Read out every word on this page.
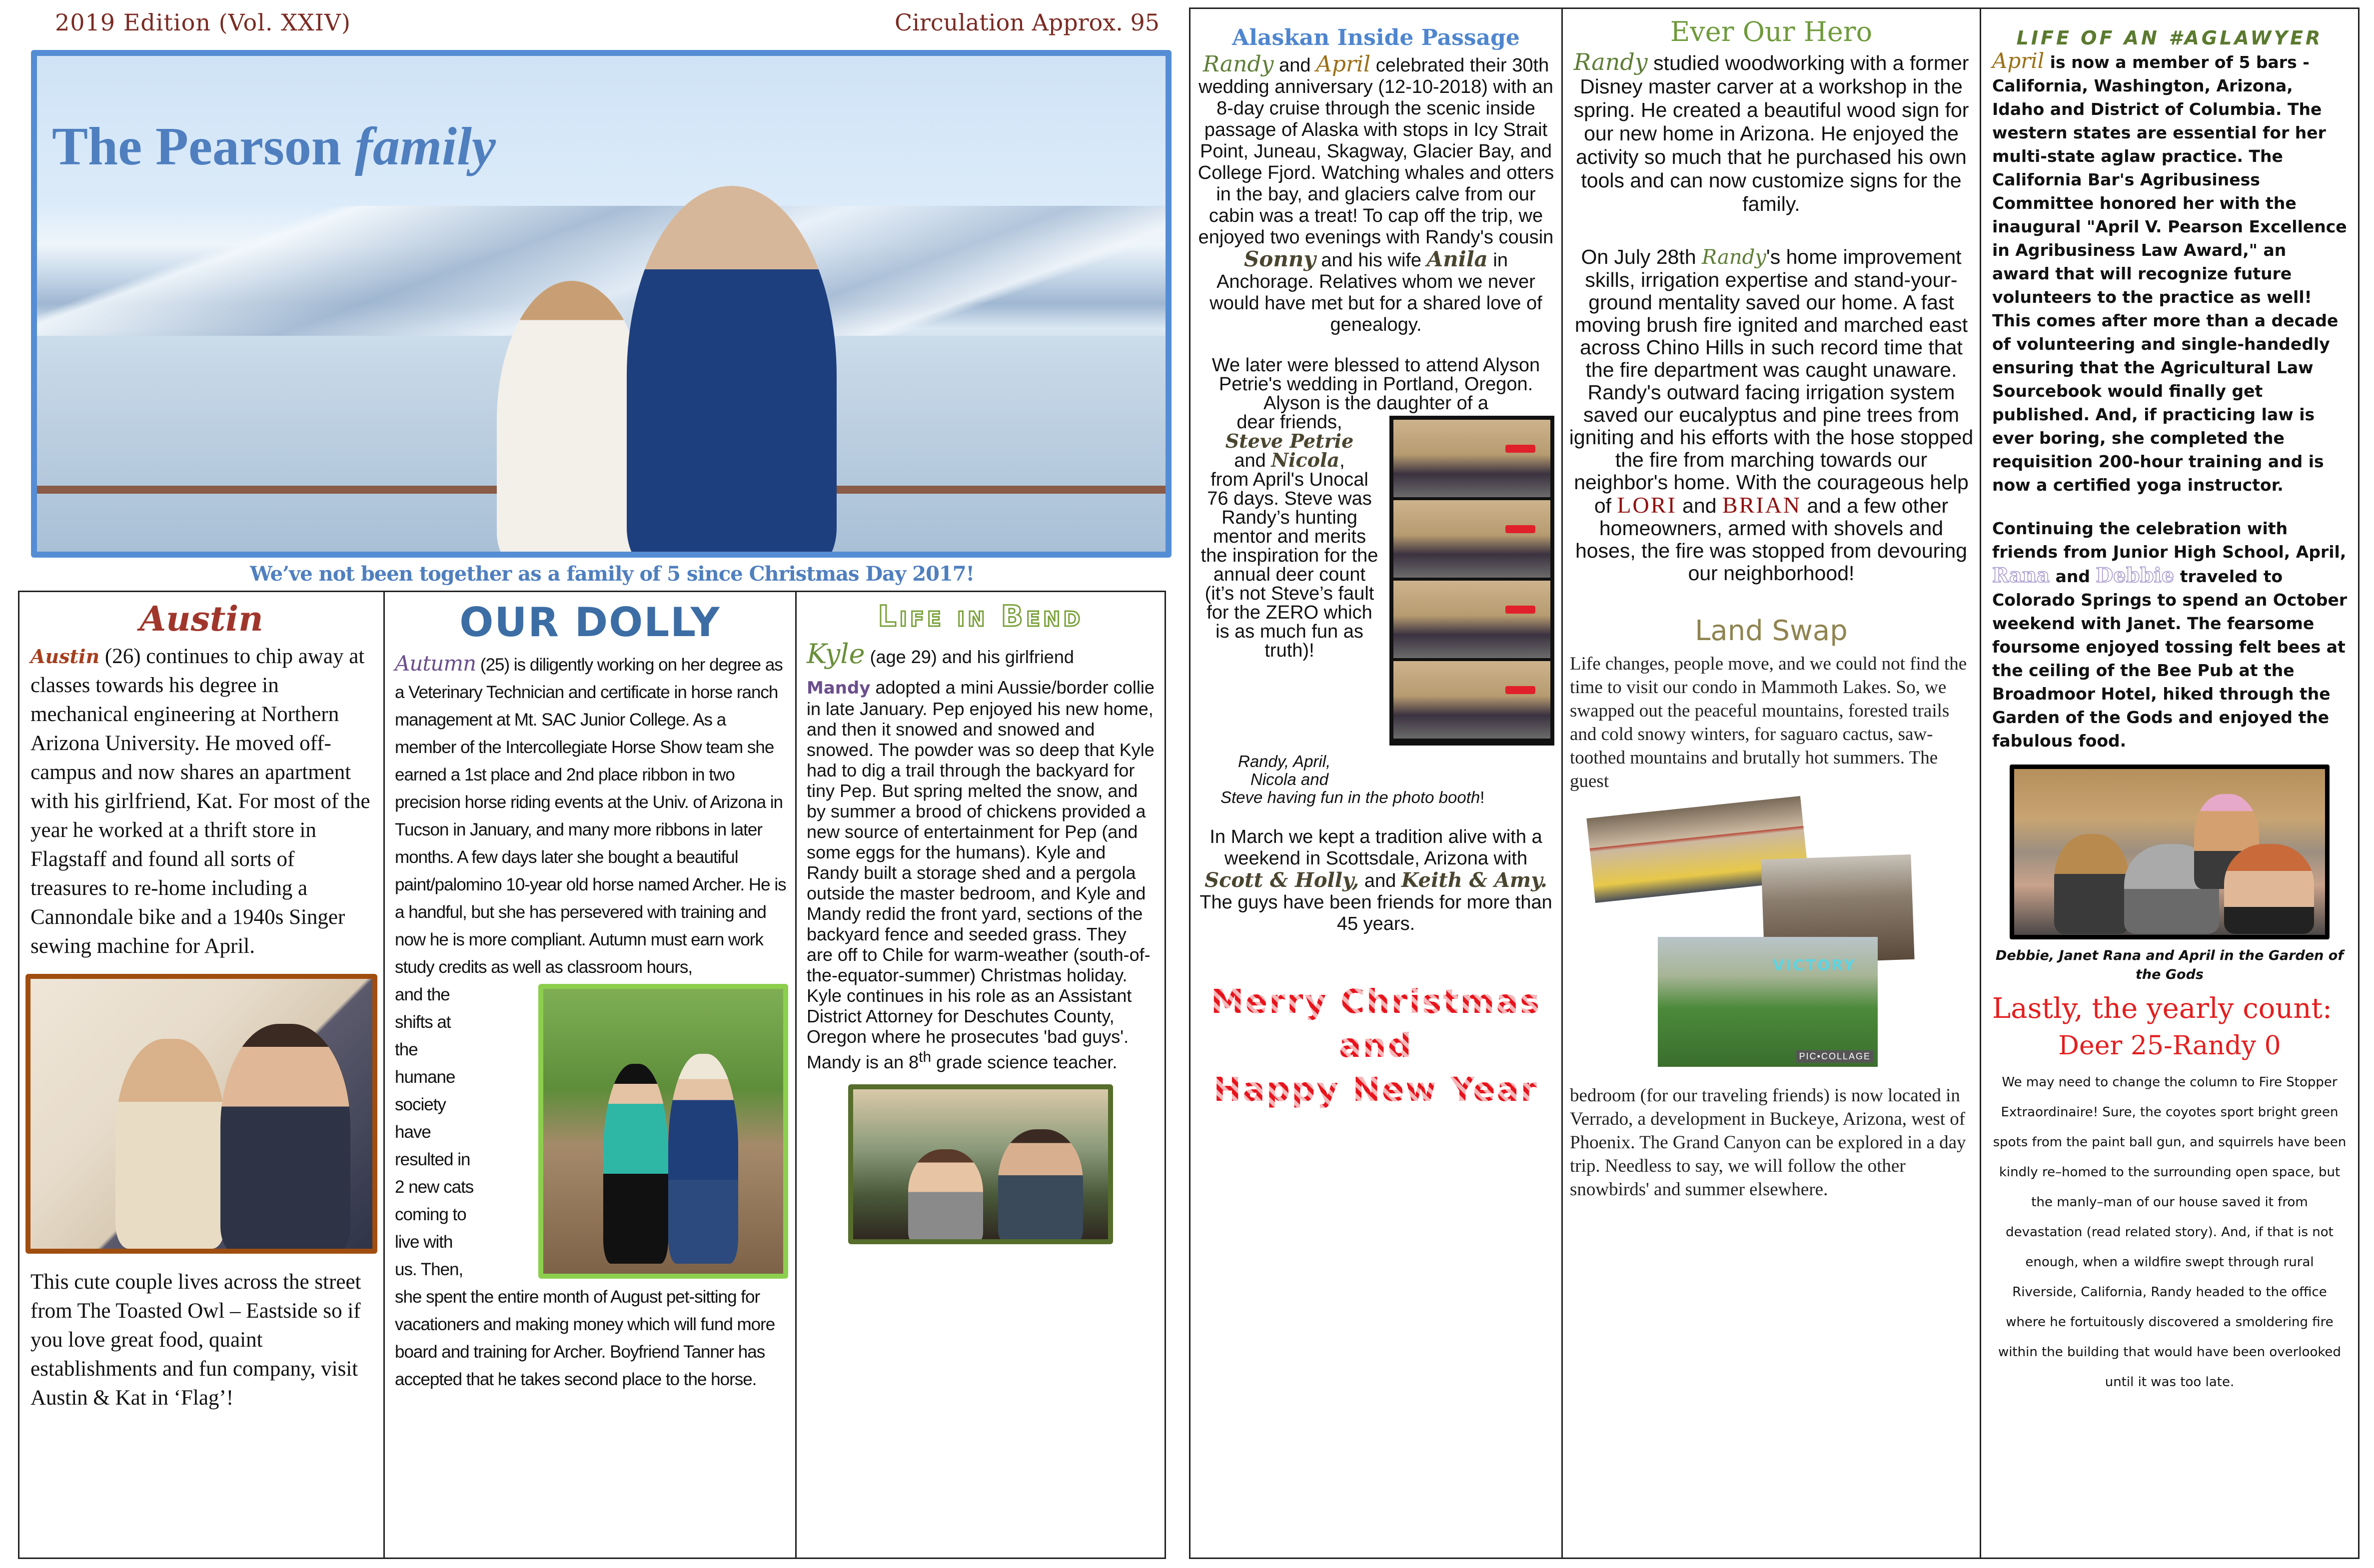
2019 Edition (Vol. XXIV)	Circulation Approx. 95
The Pearson family
We’ve not been together as a family of 5 since Christmas Day 2017!
Austin
Austin (26) continues to chip away at classes towards his degree in mechanical engineering at Northern Arizona University. He moved off-campus and now shares an apartment with his girlfriend, Kat. For most of the year he worked at a thrift store in Flagstaff and found all sorts of treasures to re-home including a Cannondale bike and a 1940s Singer sewing machine for April.
This cute couple lives across the street from The Toasted Owl – Eastside so if you love great food, quaint establishments and fun company, visit Austin & Kat in ‘Flag’!
OUR DOLLY
Autumn (25) is diligently working on her degree as a Veterinary Technician and certificate in horse ranch management at Mt. SAC Junior College. As a member of the Intercollegiate Horse Show team she earned a 1st place and 2nd place ribbon in two precision horse riding events at the Univ. of Arizona in Tucson in January, and many more ribbons in later months. A few days later she bought a beautiful paint/palomino 10-year old horse named Archer. He is a handful, but she has persevered with training and now he is more compliant. Autumn must earn work study credits as well as classroom hours,
and the
shifts at
the
humane
society
have
resulted in
2 new cats
coming to
live with
us. Then,
she spent the entire month of August pet-sitting for vacationers and making money which will fund more board and training for Archer. Boyfriend Tanner has accepted that he takes second place to the horse.
Life in Bend
Kyle (age 29) and his girlfriend
Mandy adopted a mini Aussie/border collie in late January. Pep enjoyed his new home, and then it snowed and snowed and snowed. The powder was so deep that Kyle had to dig a trail through the backyard for tiny Pep. But spring melted the snow, and by summer a brood of chickens provided a new source of entertainment for Pep (and some eggs for the humans). Kyle and Randy built a storage shed and a pergola outside the master bedroom, and Kyle and Mandy redid the front yard, sections of the backyard fence and seeded grass. They are off to Chile for warm-weather (south-of-the-equator-summer) Christmas holiday. Kyle continues in his role as an Assistant District Attorney for Deschutes County, Oregon where he prosecutes 'bad guys'. Mandy is an 8th grade science teacher.
Alaskan Inside Passage
Randy and April celebrated their 30th wedding anniversary (12-10-2018) with an 8-day cruise through the scenic inside passage of Alaska with stops in Icy Strait Point, Juneau, Skagway, Glacier Bay, and College Fjord. Watching whales and otters in the bay, and glaciers calve from our cabin was a treat! To cap off the trip, we enjoyed two evenings with Randy's cousin Sonny and his wife Anila in Anchorage. Relatives whom we never would have met but for a shared love of genealogy.
We later were blessed to attend Alyson Petrie's wedding in Portland, Oregon. Alyson is the daughter of a
dear friends,
Steve Petrie
and Nicola,
from April's Unocal 76 days. Steve was Randy’s hunting mentor and merits the inspiration for the annual deer count (it’s not Steve’s fault for the ZERO which is as much fun as truth)!
Randy, April,
Nicola and
Steve having fun in the photo booth!
In March we kept a tradition alive with a weekend in Scottsdale, Arizona with Scott & Holly, and Keith & Amy. The guys have been friends for more than 45 years.
Merry Christmas
and
Happy New Year
Ever Our Hero
Randy studied woodworking with a former Disney master carver at a workshop in the spring. He created a beautiful wood sign for our new home in Arizona. He enjoyed the activity so much that he purchased his own tools and can now customize signs for the family.
On July 28th Randy's home improvement skills, irrigation expertise and stand-your-ground mentality saved our home. A fast moving brush fire ignited and marched east across Chino Hills in such record time that the fire department was caught unaware. Randy's outward facing irrigation system saved our eucalyptus and pine trees from igniting and his efforts with the hose stopped the fire from marching towards our neighbor's home. With the courageous help of LORI and BRIAN and a few other homeowners, armed with shovels and hoses, the fire was stopped from devouring our neighborhood!
Land Swap
Life changes, people move, and we could not find the time to visit our condo in Mammoth Lakes. So, we swapped out the peaceful mountains, forested trails and cold snowy winters, for saguaro cactus, saw-toothed mountains and brutally hot summers. The guest
VICTORY
PIC•COLLAGE
bedroom (for our traveling friends) is now located in Verrado, a development in Buckeye, Arizona, west of Phoenix. The Grand Canyon can be explored in a day trip. Needless to say, we will follow the other snowbirds' and summer elsewhere.
LIFE OF AN #AGLAWYER
April is now a member of 5 bars - California, Washington, Arizona, Idaho and District of Columbia. The western states are essential for her multi-state aglaw practice. The California Bar's Agribusiness Committee honored her with the inaugural "April V. Pearson Excellence in Agribusiness Law Award," an award that will recognize future volunteers to the practice as well! This comes after more than a decade of volunteering and single-handedly ensuring that the Agricultural Law Sourcebook would finally get published. And, if practicing law is ever boring, she completed the requisition 200-hour training and is now a certified yoga instructor.
Continuing the celebration with friends from Junior High School, April, Rana and Debbie traveled to Colorado Springs to spend an October weekend with Janet. The fearsome foursome enjoyed tossing felt bees at the ceiling of the Bee Pub at the Broadmoor Hotel, hiked through the Garden of the Gods and enjoyed the fabulous food.
Debbie, Janet Rana and April in the Garden of the Gods
Lastly, the yearly count:
Deer 25-Randy 0
We may need to change the column to Fire Stopper Extraordinaire! Sure, the coyotes sport bright green spots from the paint ball gun, and squirrels have been kindly re–homed to the surrounding open space, but the manly–man of our house saved it from devastation (read related story). And, if that is not enough, when a wildfire swept through rural Riverside, California, Randy headed to the office where he fortuitously discovered a smoldering fire within the building that would have been overlooked until it was too late.
